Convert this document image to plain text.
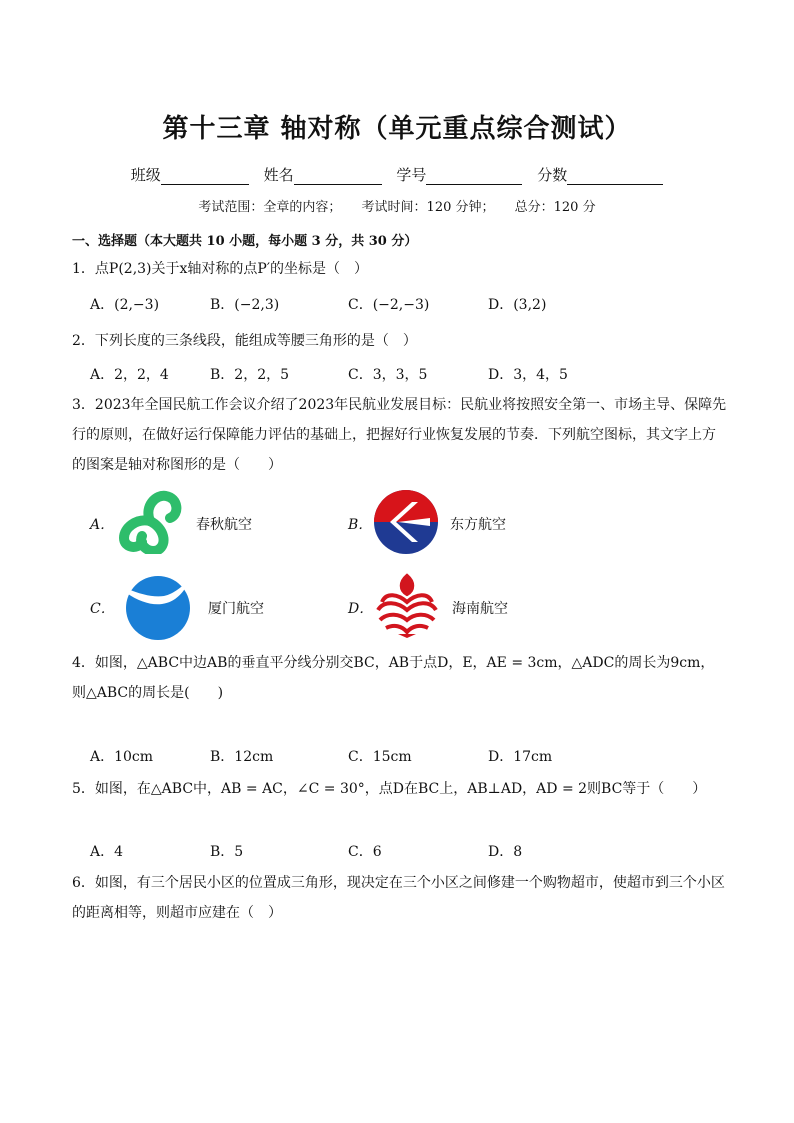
第十三章 轴对称（单元重点综合测试）
班级	姓名	学号	分数
考试范围：全章的内容； 考试时间：120 分钟； 总分：120 分
一、选择题（本大题共 10 小题，每小题 3 分，共 30 分）
1．点P(2,3)关于x轴对称的点P′的坐标是（　）
A．(2,−3)	B．(−2,3)	C．(−2,−3)	D．(3,2)
2．下列长度的三条线段，能组成等腰三角形的是（　）
A．2，2，4	B．2，2，5	C．3，3，5	D．3，4，5
3．2023年全国民航工作会议介绍了2023年民航业发展目标：民航业将按照安全第一、市场主导、保障先
行的原则，在做好运行保障能力评估的基础上，把握好行业恢复发展的节奏．下列航空图标，其文字上方
的图案是轴对称图形的是（　　）
A．	春秋航空	B．	东方航空
C．	厦门航空	D．	海南航空
4．如图，△ABC中边AB的垂直平分线分别交BC，AB于点D，E，AE = 3cm，△ADC的周长为9cm，
则△ABC的周长是(　　)
A．10cm	B．12cm	C．15cm	D．17cm
5．如图，在△ABC中，AB = AC，∠C = 30°，点D在BC上，AB⊥AD，AD = 2则BC等于（　　）
A．4	B．5	C．6	D．8
6．如图，有三个居民小区的位置成三角形，现决定在三个小区之间修建一个购物超市，使超市到三个小区
的距离相等，则超市应建在（　）
